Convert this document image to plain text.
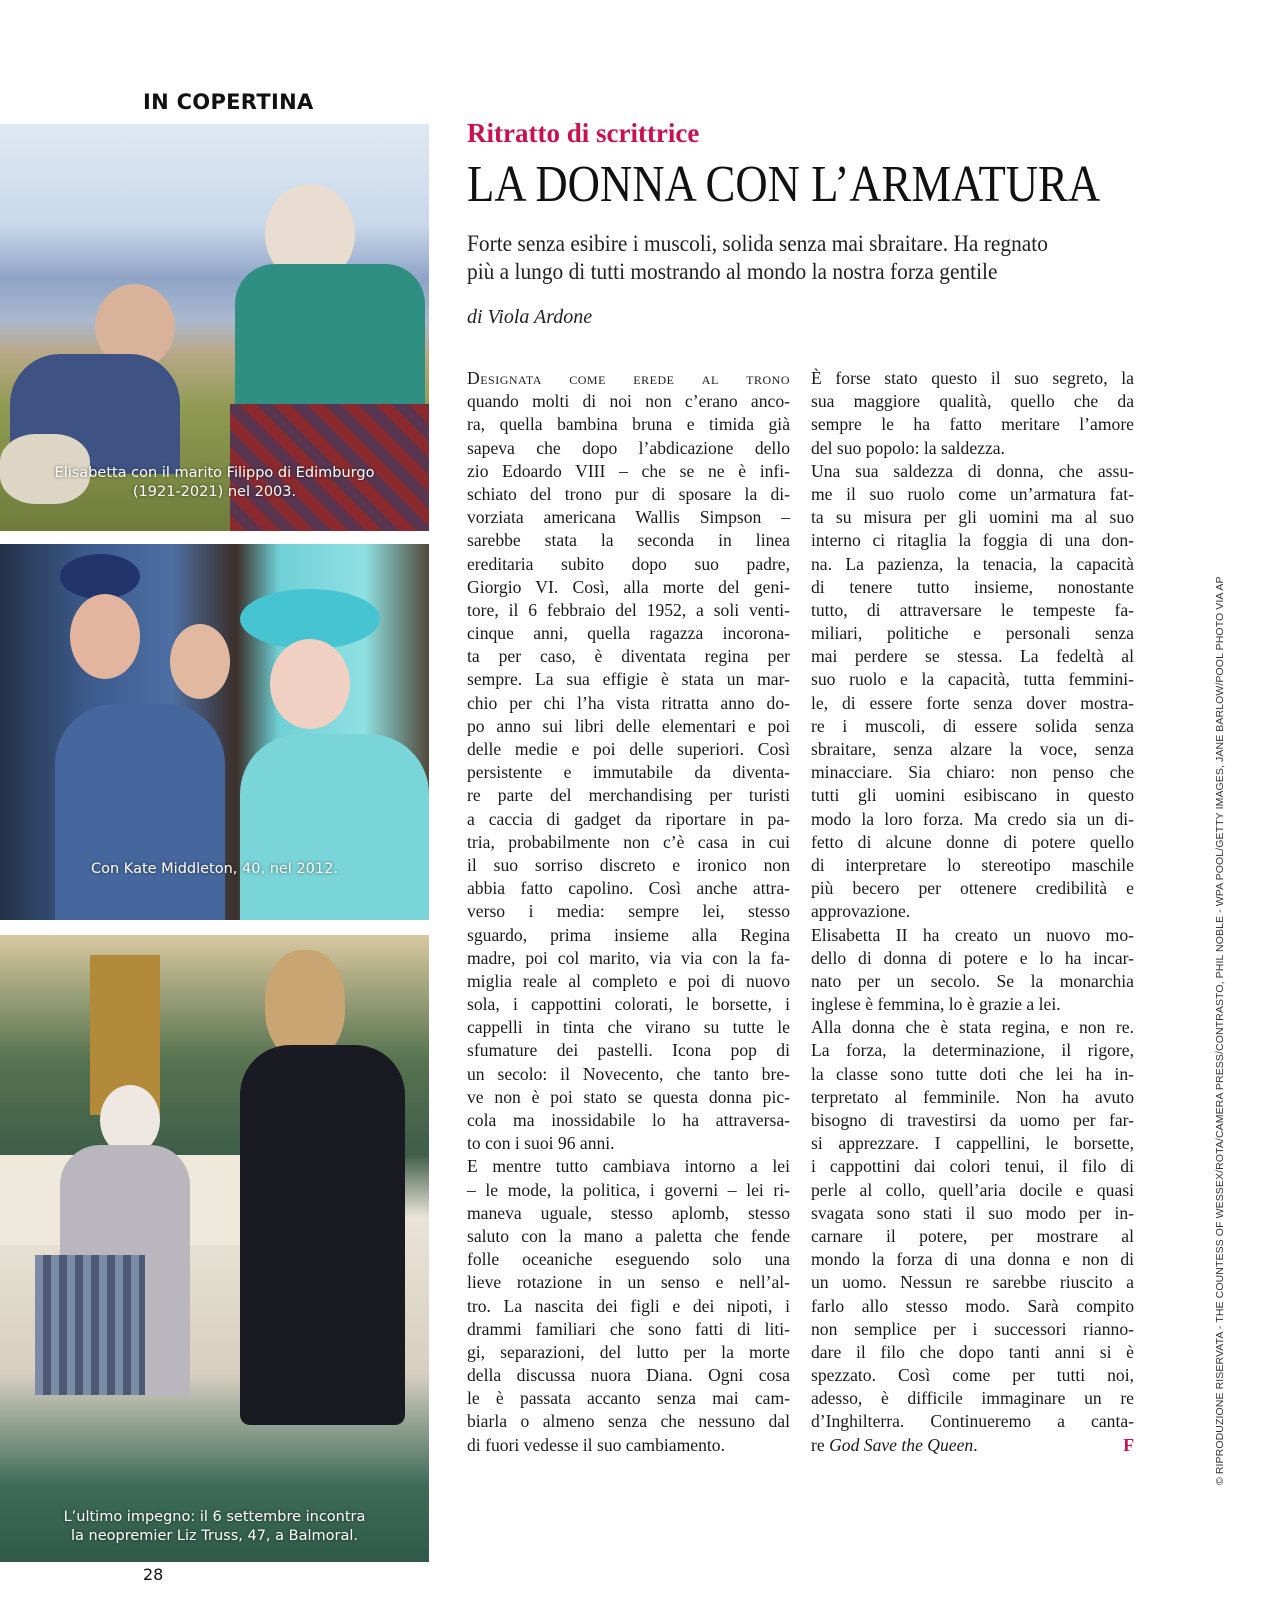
IN COPERTINA
Elisabetta con il marito Filippo di Edimburgo
(1921-2021) nel 2003.
Con Kate Middleton, 40, nel 2012.
L’ultimo impegno: il 6 settembre incontra
la neopremier Liz Truss, 47, a Balmoral.
28
Ritratto di scrittrice
LA DONNA CON L’ARMATURA
Forte senza esibire i muscoli, solida senza mai sbraitare. Ha regnato
più a lungo di tutti mostrando al mondo la nostra forza gentile
di Viola Ardone
Designata come erede al trono
quando molti di noi non c’erano anco-
ra, quella bambina bruna e timida già
sapeva che dopo l’abdicazione dello
zio Edoardo VIII – che se ne è infi-
schiato del trono pur di sposare la di-
vorziata americana Wallis Simpson –
sarebbe stata la seconda in linea
ereditaria subito dopo suo padre,
Giorgio VI. Così, alla morte del geni-
tore, il 6 febbraio del 1952, a soli venti-
cinque anni, quella ragazza incorona-
ta per caso, è diventata regina per
sempre. La sua effigie è stata un mar-
chio per chi l’ha vista ritratta anno do-
po anno sui libri delle elementari e poi
delle medie e poi delle superiori. Così
persistente e immutabile da diventa-
re parte del merchandising per turisti
a caccia di gadget da riportare in pa-
tria, probabilmente non c’è casa in cui
il suo sorriso discreto e ironico non
abbia fatto capolino. Così anche attra-
verso i media: sempre lei, stesso
sguardo, prima insieme alla Regina
madre, poi col marito, via via con la fa-
miglia reale al completo e poi di nuovo
sola, i cappottini colorati, le borsette, i
cappelli in tinta che virano su tutte le
sfumature dei pastelli. Icona pop di
un secolo: il Novecento, che tanto bre-
ve non è poi stato se questa donna pic-
cola ma inossidabile lo ha attraversa-
to con i suoi 96 anni.
E mentre tutto cambiava intorno a lei
– le mode, la politica, i governi – lei ri-
maneva uguale, stesso aplomb, stesso
saluto con la mano a paletta che fende
folle oceaniche eseguendo solo una
lieve rotazione in un senso e nell’al-
tro. La nascita dei figli e dei nipoti, i
drammi familiari che sono fatti di liti-
gi, separazioni, del lutto per la morte
della discussa nuora Diana. Ogni cosa
le è passata accanto senza mai cam-
biarla o almeno senza che nessuno dal
di fuori vedesse il suo cambiamento.
È forse stato questo il suo segreto, la
sua maggiore qualità, quello che da
sempre le ha fatto meritare l’amore
del suo popolo: la saldezza.
Una sua saldezza di donna, che assu-
me il suo ruolo come un’armatura fat-
ta su misura per gli uomini ma al suo
interno ci ritaglia la foggia di una don-
na. La pazienza, la tenacia, la capacità
di tenere tutto insieme, nonostante
tutto, di attraversare le tempeste fa-
miliari, politiche e personali senza
mai perdere se stessa. La fedeltà al
suo ruolo e la capacità, tutta femmini-
le, di essere forte senza dover mostra-
re i muscoli, di essere solida senza
sbraitare, senza alzare la voce, senza
minacciare. Sia chiaro: non penso che
tutti gli uomini esibiscano in questo
modo la loro forza. Ma credo sia un di-
fetto di alcune donne di potere quello
di interpretare lo stereotipo maschile
più becero per ottenere credibilità e
approvazione.
Elisabetta II ha creato un nuovo mo-
dello di donna di potere e lo ha incar-
nato per un secolo. Se la monarchia
inglese è femmina, lo è grazie a lei.
Alla donna che è stata regina, e non re.
La forza, la determinazione, il rigore,
la classe sono tutte doti che lei ha in-
terpretato al femminile. Non ha avuto
bisogno di travestirsi da uomo per far-
si apprezzare. I cappellini, le borsette,
i cappottini dai colori tenui, il filo di
perle al collo, quell’aria docile e quasi
svagata sono stati il suo modo per in-
carnare il potere, per mostrare al
mondo la forza di una donna e non di
un uomo. Nessun re sarebbe riuscito a
farlo allo stesso modo. Sarà compito
non semplice per i successori rianno-
dare il filo che dopo tanti anni si è
spezzato. Così come per tutti noi,
adesso, è difficile immaginare un re
d’Inghilterra. Continueremo a canta-
re God Save the Queen.	F	© RIPRODUZIONE RISERVATA - THE COUNTESS OF WESSEX/ROTA/CAMERA PRESS/CONTRASTO, PHIL NOBLE - WPA POOL/GETTY IMAGES, JANE BARLOW/POOL PHOTO VIA AP
